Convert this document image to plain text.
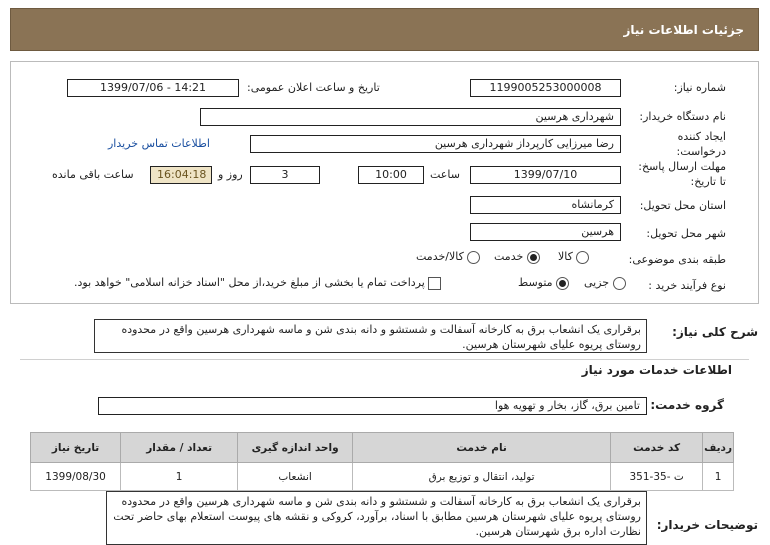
جزئیات اطلاعات نیاز
شماره نیاز:
1199005253000008
تاریخ و ساعت اعلان عمومی:
1399/07/06 - 14:21
نام دستگاه خریدار:
شهرداری هرسین
ایجاد کننده درخواست:
رضا میرزایی کارپرداز شهرداری هرسین
اطلاعات تماس خریدار
مهلت ارسال پاسخ: تا تاریخ:
1399/07/10
ساعت
10:00
3
روز و
16:04:18
ساعت باقی مانده
استان محل تحویل:
کرمانشاه
شهر محل تحویل:
هرسین
طبقه بندی موضوعی:
کالا
خدمت
کالا/خدمت
نوع فرآیند خرید :
جزیی
متوسط
پرداخت تمام یا بخشی از مبلغ خرید،از محل "اسناد خزانه اسلامی" خواهد بود.
شرح کلی نیاز:
برقراری یک انشعاب برق به کارخانه آسفالت و شستشو و دانه بندی شن و ماسه شهرداری هرسین واقع در محدوده روستای پریوه علیای شهرستان هرسین.
اطلاعات خدمات مورد نیاز
گروه خدمت:
تامین برق، گاز، بخار و تهویه هوا
ردیف	کد خدمت	نام خدمت	واحد اندازه گیری	تعداد / مقدار	تاریخ نیاز
1	ت -35-351	تولید، انتقال و توزیع برق	انشعاب	1	1399/08/30
توضیحات خریدار:
برقراری یک انشعاب برق به کارخانه آسفالت و شستشو و دانه بندی شن و ماسه شهرداری هرسین واقع در محدوده روستای پریوه علیای شهرستان هرسین مطابق با اسناد، برآورد، کروکی و نقشه های پیوست استعلام بهای حاضر تحت نظارت اداره برق شهرستان هرسین.
